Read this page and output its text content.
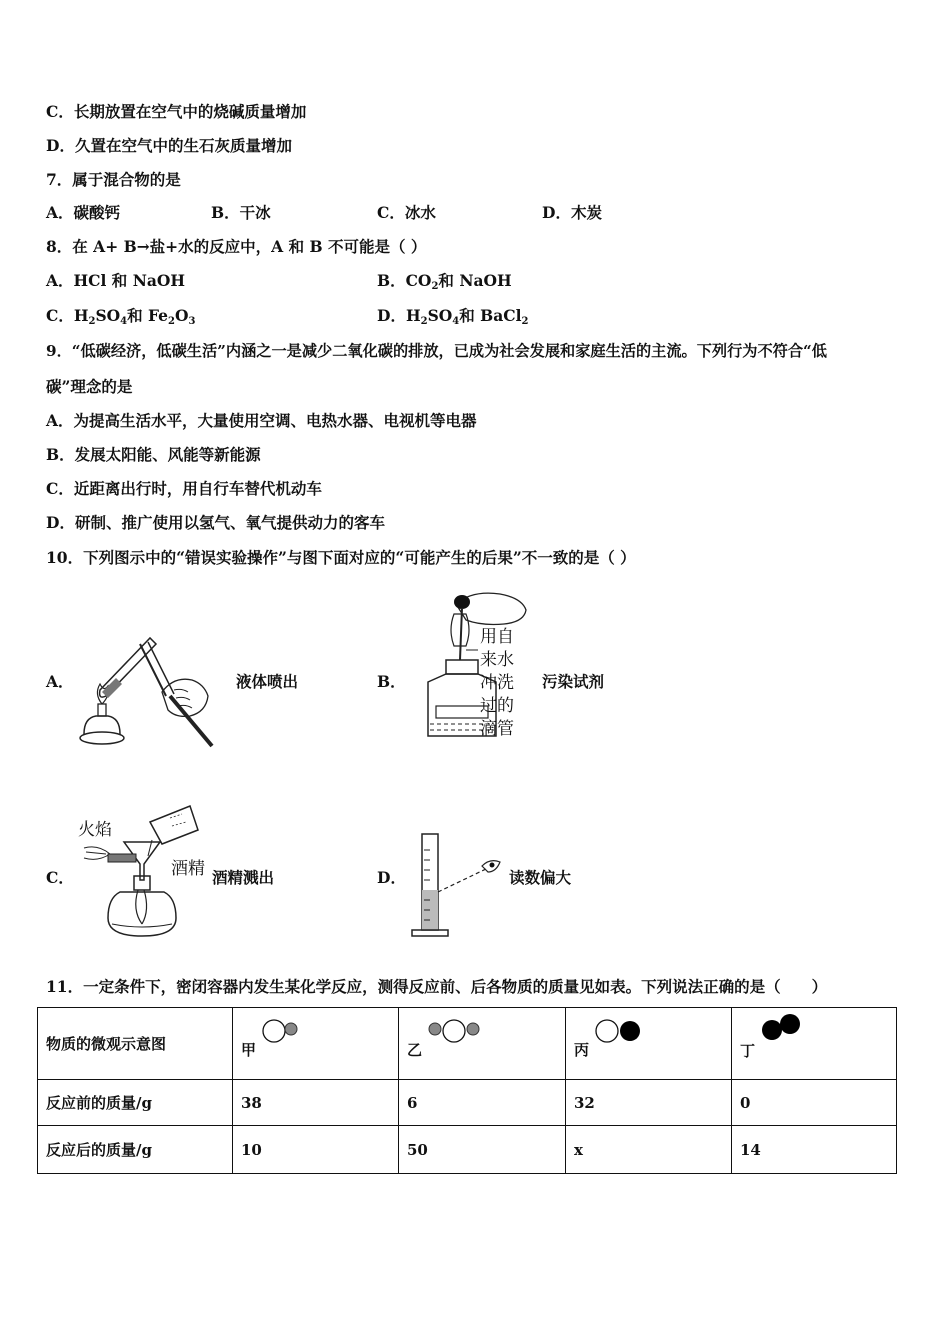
C．长期放置在空气中的烧碱质量增加
D．久置在空气中的生石灰质量增加
7．属于混合物的是
A．碳酸钙	B．干冰	C．冰水	D．木炭
8．在 A+ B→盐+水的反应中，A 和 B 不可能是（ ）
A．HCl 和 NaOH	B．$CO_2$和 NaOH
C．$H_2SO_4$和 $Fe_2O_3$	D．$H_2SO_4$和 BaCl$_2$
9．“低碳经济，低碳生活”内涵之一是减少二氧化碳的排放，已成为社会发展和家庭生活的主流。下列行为不符合“低
碳”理念的是
A．为提高生活水平，大量使用空调、电热水器、电视机等电器
B．发展太阳能、风能等新能源
C．近距离出行时，用自行车替代机动车
D．研制、推广使用以氢气、氧气提供动力的客车
10．下列图示中的“错误实验操作”与图下面对应的“可能产生的后果”不一致的是（ ）
A．	液体喷出	B．
用自
来水
冲洗
过的
滴管
污染试剂
C．
火焰
酒精 酒精溅出	D．	读数偏大
11．一定条件下，密闭容器内发生某化学反应，测得反应前、后各物质的质量见如表。下列说法正确的是（　　）
物质的微观示意图	甲	乙	丙	丁
反应前的质量/g	38	6	32	0
反应后的质量/g	10	50	x	14
